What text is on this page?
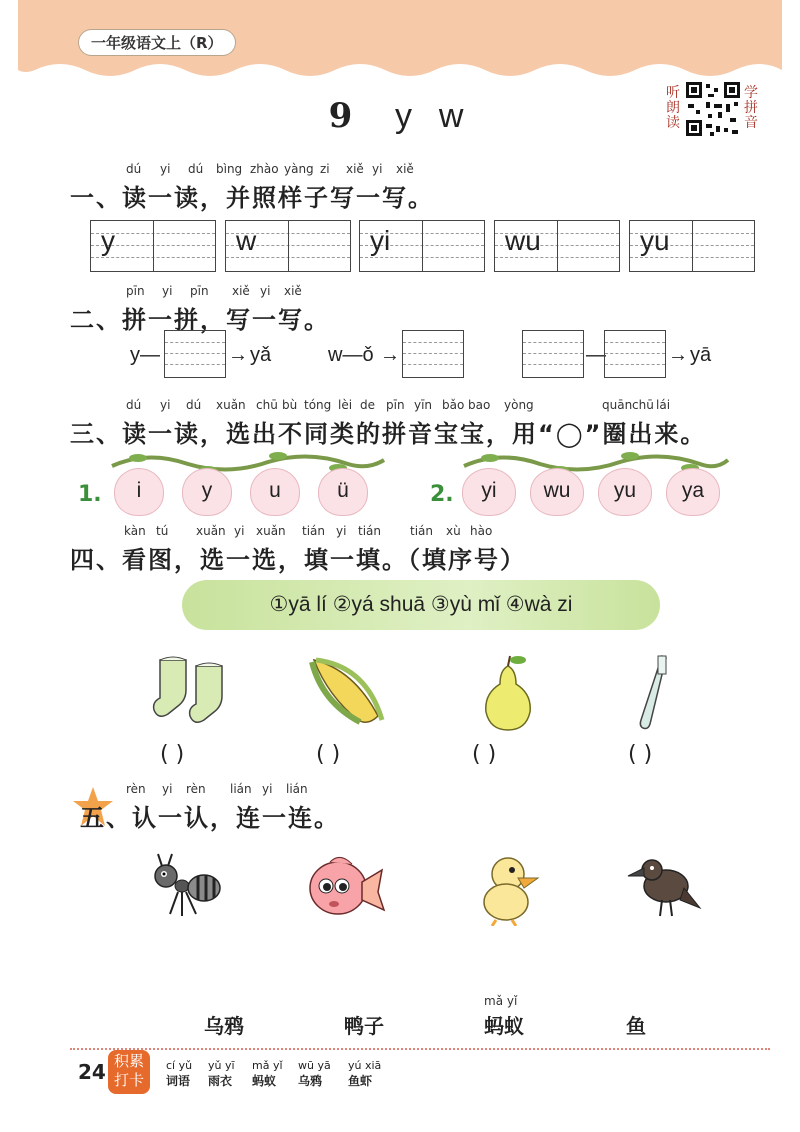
一年级语文上（R）
9 y w
听朗读
学拼音
dú yi dú bìng zhào yàng zi xiě yi xiě
一、读一读，并照样子写一写。
y	w	yi	wu	yu
pīn yi pīn xiě yi xiě
二、拼一拼，写一写。
y—	→ yǎ	w—ǒ →	—	→ yā
dú yi dú xuǎn chū bù tóng lèi de pīn yīn bǎo bao yòng	quān chū lái
三、读一读，选出不同类的拼音宝宝，用“◯”圈出来。
1.	i	y	u	ü	2.	yi	wu	yu	ya
kàn tú xuǎn yi xuǎn tián yi tián tián xù hào
四、看图，选一选，填一填。（填序号）
①yā lí ②yá shuā ③yù mǐ ④wà zi
( )	( )	( )	( )
rèn yi rèn lián yi lián
五、认一认，连一连。
mǎ yǐ
乌鸦	鸭子	蚂蚁	鱼
24 积累打卡
cí yǔ
词语
yǔ yī
雨衣
mǎ yǐ
蚂蚁
wū yā
乌鸦
yú xiā
鱼虾
